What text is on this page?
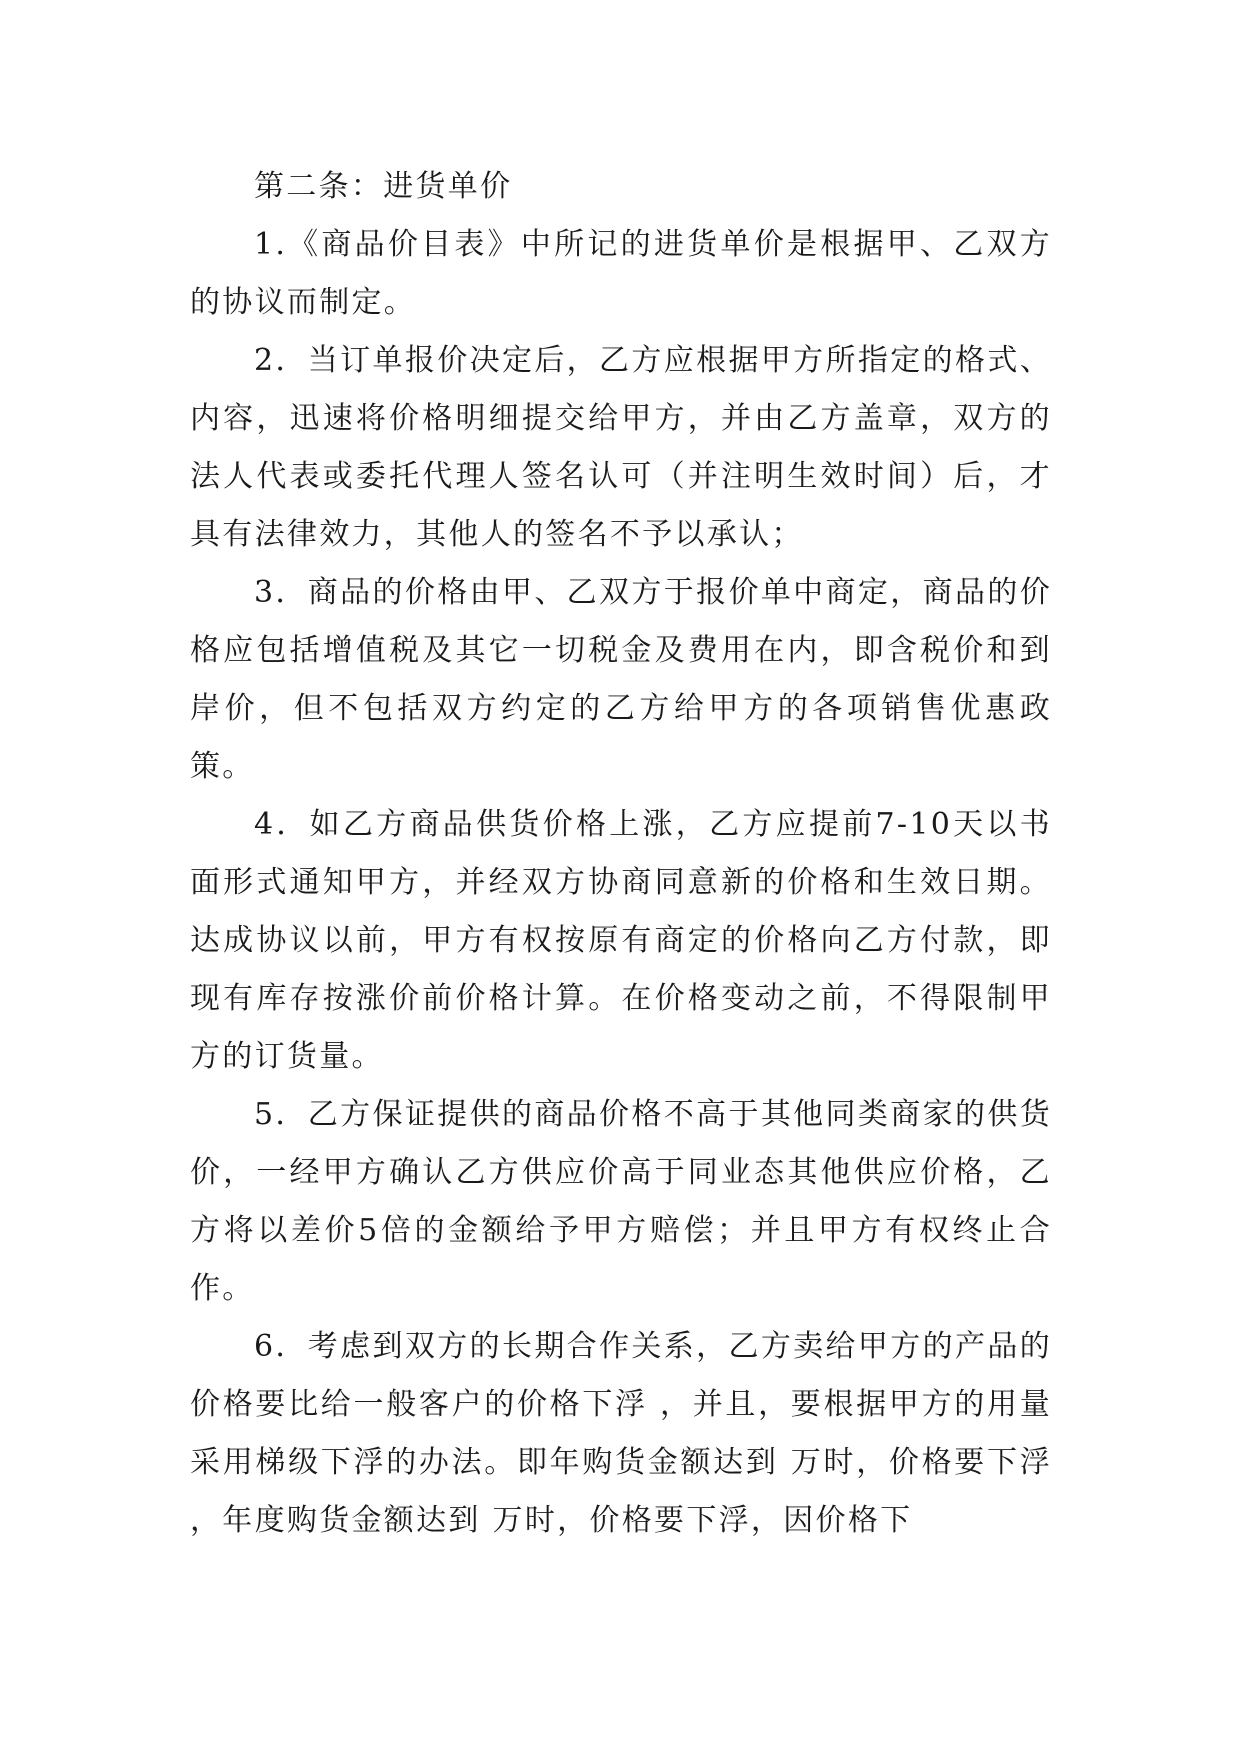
第二条：进货单价

1.《商品价目表》中所记的进货单价是根据甲、乙双方的协议而制定。

2．当订单报价决定后，乙方应根据甲方所指定的格式、内容，迅速将价格明细提交给甲方，并由乙方盖章，双方的法人代表或委托代理人签名认可（并注明生效时间）后，才具有法律效力，其他人的签名不予以承认；

3．商品的价格由甲、乙双方于报价单中商定，商品的价格应包括增值税及其它一切税金及费用在内，即含税价和到岸价，但不包括双方约定的乙方给甲方的各项销售优惠政策。

4．如乙方商品供货价格上涨，乙方应提前7-10天以书面形式通知甲方，并经双方协商同意新的价格和生效日期。达成协议以前，甲方有权按原有商定的价格向乙方付款，即现有库存按涨价前价格计算。在价格变动之前，不得限制甲方的订货量。

5．乙方保证提供的商品价格不高于其他同类商家的供货价，一经甲方确认乙方供应价高于同业态其他供应价格，乙方将以差价5倍的金额给予甲方赔偿；并且甲方有权终止合作。

6．考虑到双方的长期合作关系，乙方卖给甲方的产品的价格要比给一般客户的价格下浮 ，并且，要根据甲方的用量采用梯级下浮的办法。即年购货金额达到 万时，价格要下浮 ，年度购货金额达到 万时，价格要下浮，因价格下
